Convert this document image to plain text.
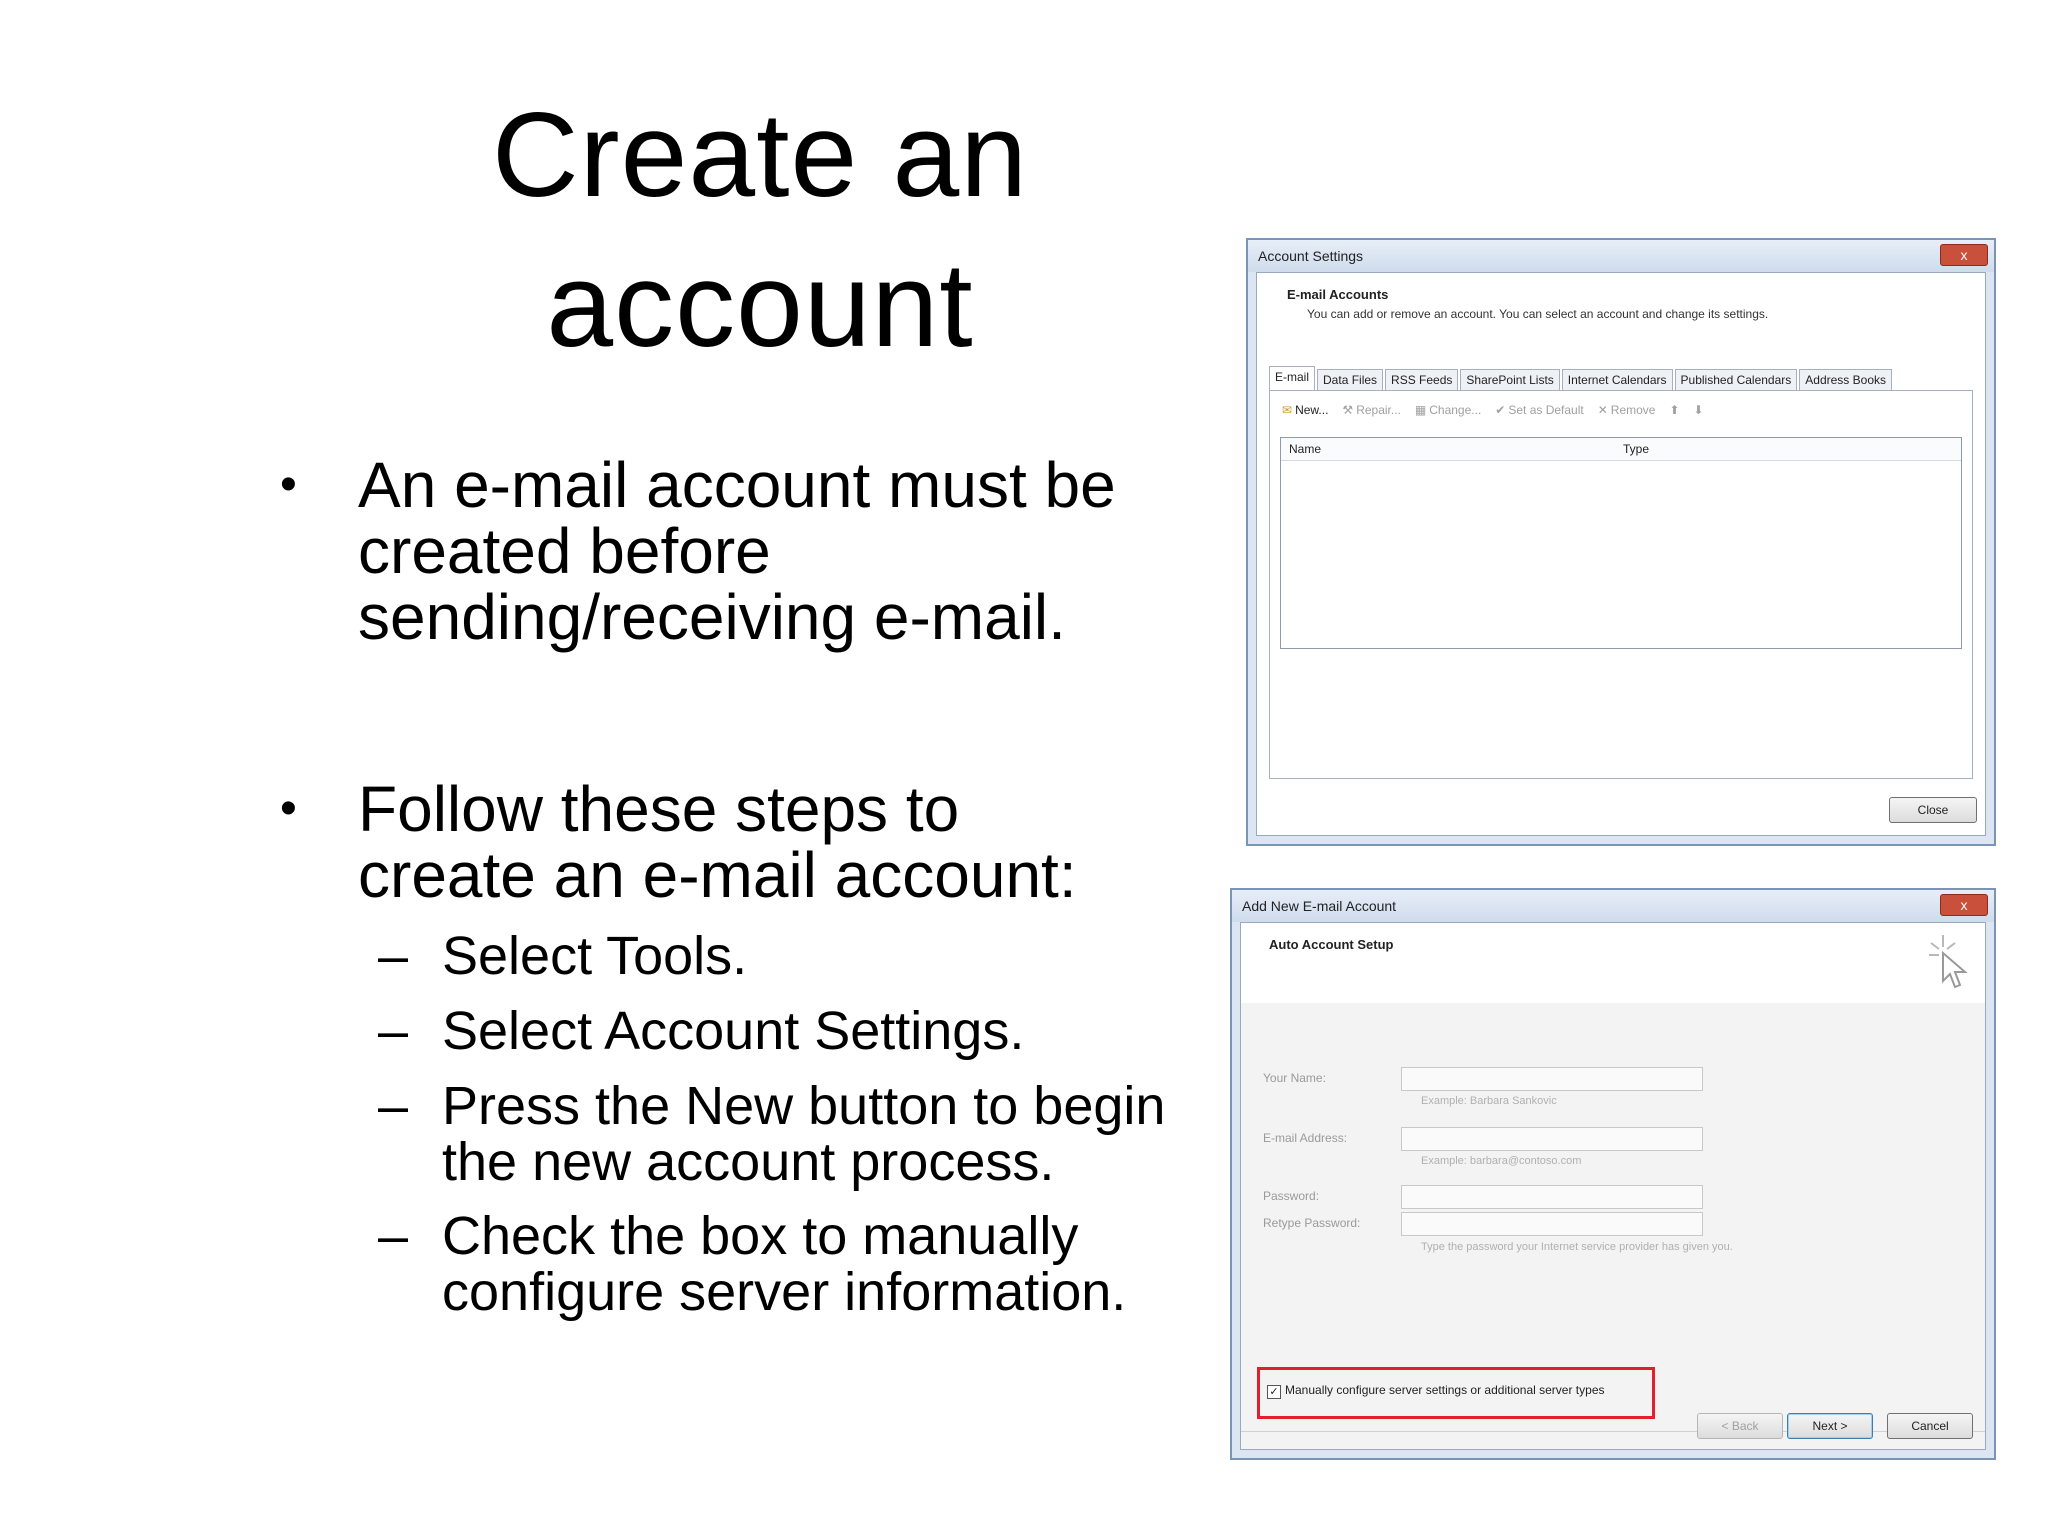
Create an
account
• An e-mail account must be
created before
sending/receiving e-mail.
• Follow these steps to
create an e-mail account:
– Select Tools.
– Select Account Settings.
– Press the New button to begin
the new account process.
– Check the box to manually
configure server information.
Account Settings	x
E-mail Accounts
You can add or remove an account. You can select an account and change its settings.
E-mail	Data Files	RSS Feeds	SharePoint Lists	Internet Calendars	Published Calendars	Address Books
✉ New... ⚒ Repair... ▦ Change... ✔ Set as Default ✕ Remove ⬆ ⬇
Name	Type
Close
Add New E-mail Account	x
Auto Account Setup
Your Name:
Example: Barbara Sankovic
E-mail Address:
Example: barbara@contoso.com
Password:
Retype Password:
Type the password your Internet service provider has given you.
✓ Manually configure server settings or additional server types
< Back	Next >	Cancel
